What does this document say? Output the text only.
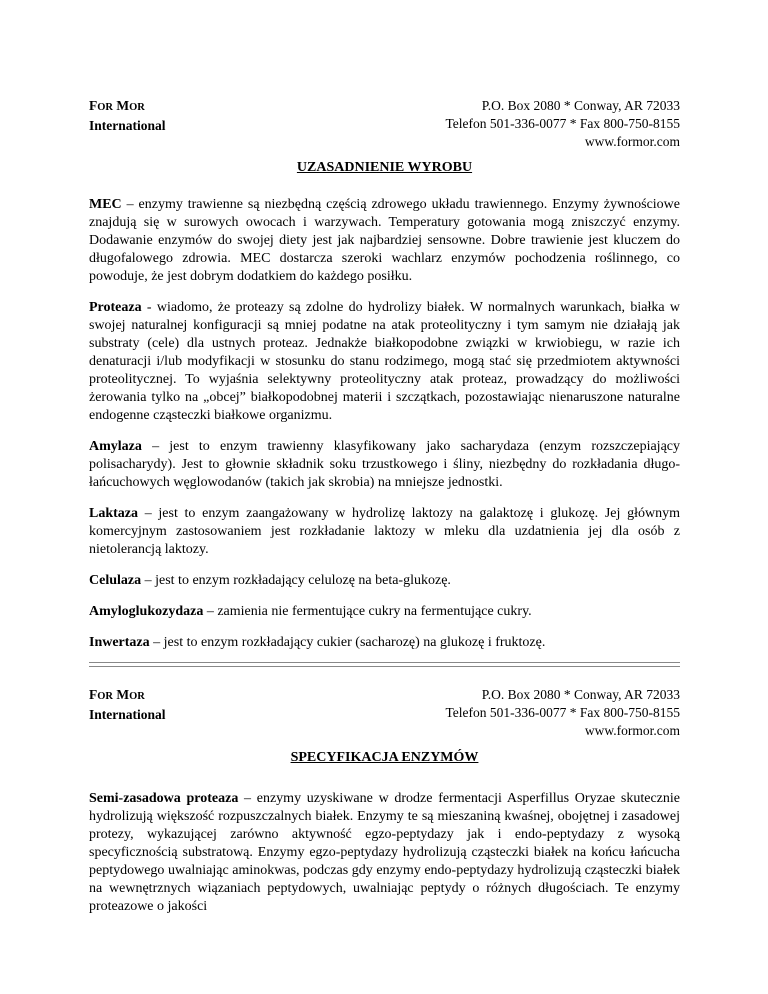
FOR MOR
International
P.O. Box 2080 * Conway, AR 72033
Telefon 501-336-0077 * Fax 800-750-8155
www.formor.com
UZASADNIENIE WYROBU

MEC – enzymy trawienne są niezbędną częścią zdrowego układu trawiennego. Enzymy żywnościowe znajdują się w surowych owocach i warzywach. Temperatury gotowania mogą zniszczyć enzymy. Dodawanie enzymów do swojej diety jest jak najbardziej sensowne. Dobre trawienie jest kluczem do długofalowego zdrowia. MEC dostarcza szeroki wachlarz enzymów pochodzenia roślinnego, co powoduje, że jest dobrym dodatkiem do każdego posiłku.

Proteaza - wiadomo, że proteazy są zdolne do hydrolizy białek. W normalnych warunkach, białka w swojej naturalnej konfiguracji są mniej podatne na atak proteolityczny i tym samym nie działają jak substraty (cele) dla ustnych proteaz. Jednakże białkopodobne związki w krwiobiegu, w razie ich denaturacji i/lub modyfikacji w stosunku do stanu rodzimego, mogą stać się przedmiotem aktywności proteolitycznej. To wyjaśnia selektywny proteolityczny atak proteaz, prowadzący do możliwości żerowania tylko na „obcej” białkopodobnej materii i szczątkach, pozostawiając nienaruszone naturalne endogenne cząsteczki białkowe organizmu.

Amylaza – jest to enzym trawienny klasyfikowany jako sacharydaza (enzym rozszczepiający polisacharydy). Jest to głownie składnik soku trzustkowego i śliny, niezbędny do rozkładania długo-łańcuchowych węglowodanów (takich jak skrobia) na mniejsze jednostki.

Laktaza – jest to enzym zaangażowany w hydrolizę laktozy na galaktozę i glukozę. Jej głównym komercyjnym zastosowaniem jest rozkładanie laktozy w mleku dla uzdatnienia jej dla osób z nietolerancją laktozy.

Celulaza – jest to enzym rozkładający celulozę na beta-glukozę.

Amyloglukozydaza – zamienia nie fermentujące cukry na fermentujące cukry.

Inwertaza – jest to enzym rozkładający cukier (sacharozę) na glukozę i fruktozę.

FOR MOR
International
P.O. Box 2080 * Conway, AR 72033
Telefon 501-336-0077 * Fax 800-750-8155
www.formor.com
SPECYFIKACJA ENZYMÓW

Semi-zasadowa proteaza – enzymy uzyskiwane w drodze fermentacji Asperfillus Oryzae skutecznie hydrolizują większość rozpuszczalnych białek. Enzymy te są mieszaniną kwaśnej, obojętnej i zasadowej protezy, wykazującej zarówno aktywność egzo-peptydazy jak i endo-peptydazy z wysoką specyficznością substratową. Enzymy egzo-peptydazy hydrolizują cząsteczki białek na końcu łańcucha peptydowego uwalniając aminokwas, podczas gdy enzymy endo-peptydazy hydrolizują cząsteczki białek na wewnętrznych wiązaniach peptydowych, uwalniając peptydy o różnych długościach. Te enzymy proteazowe o jakości
